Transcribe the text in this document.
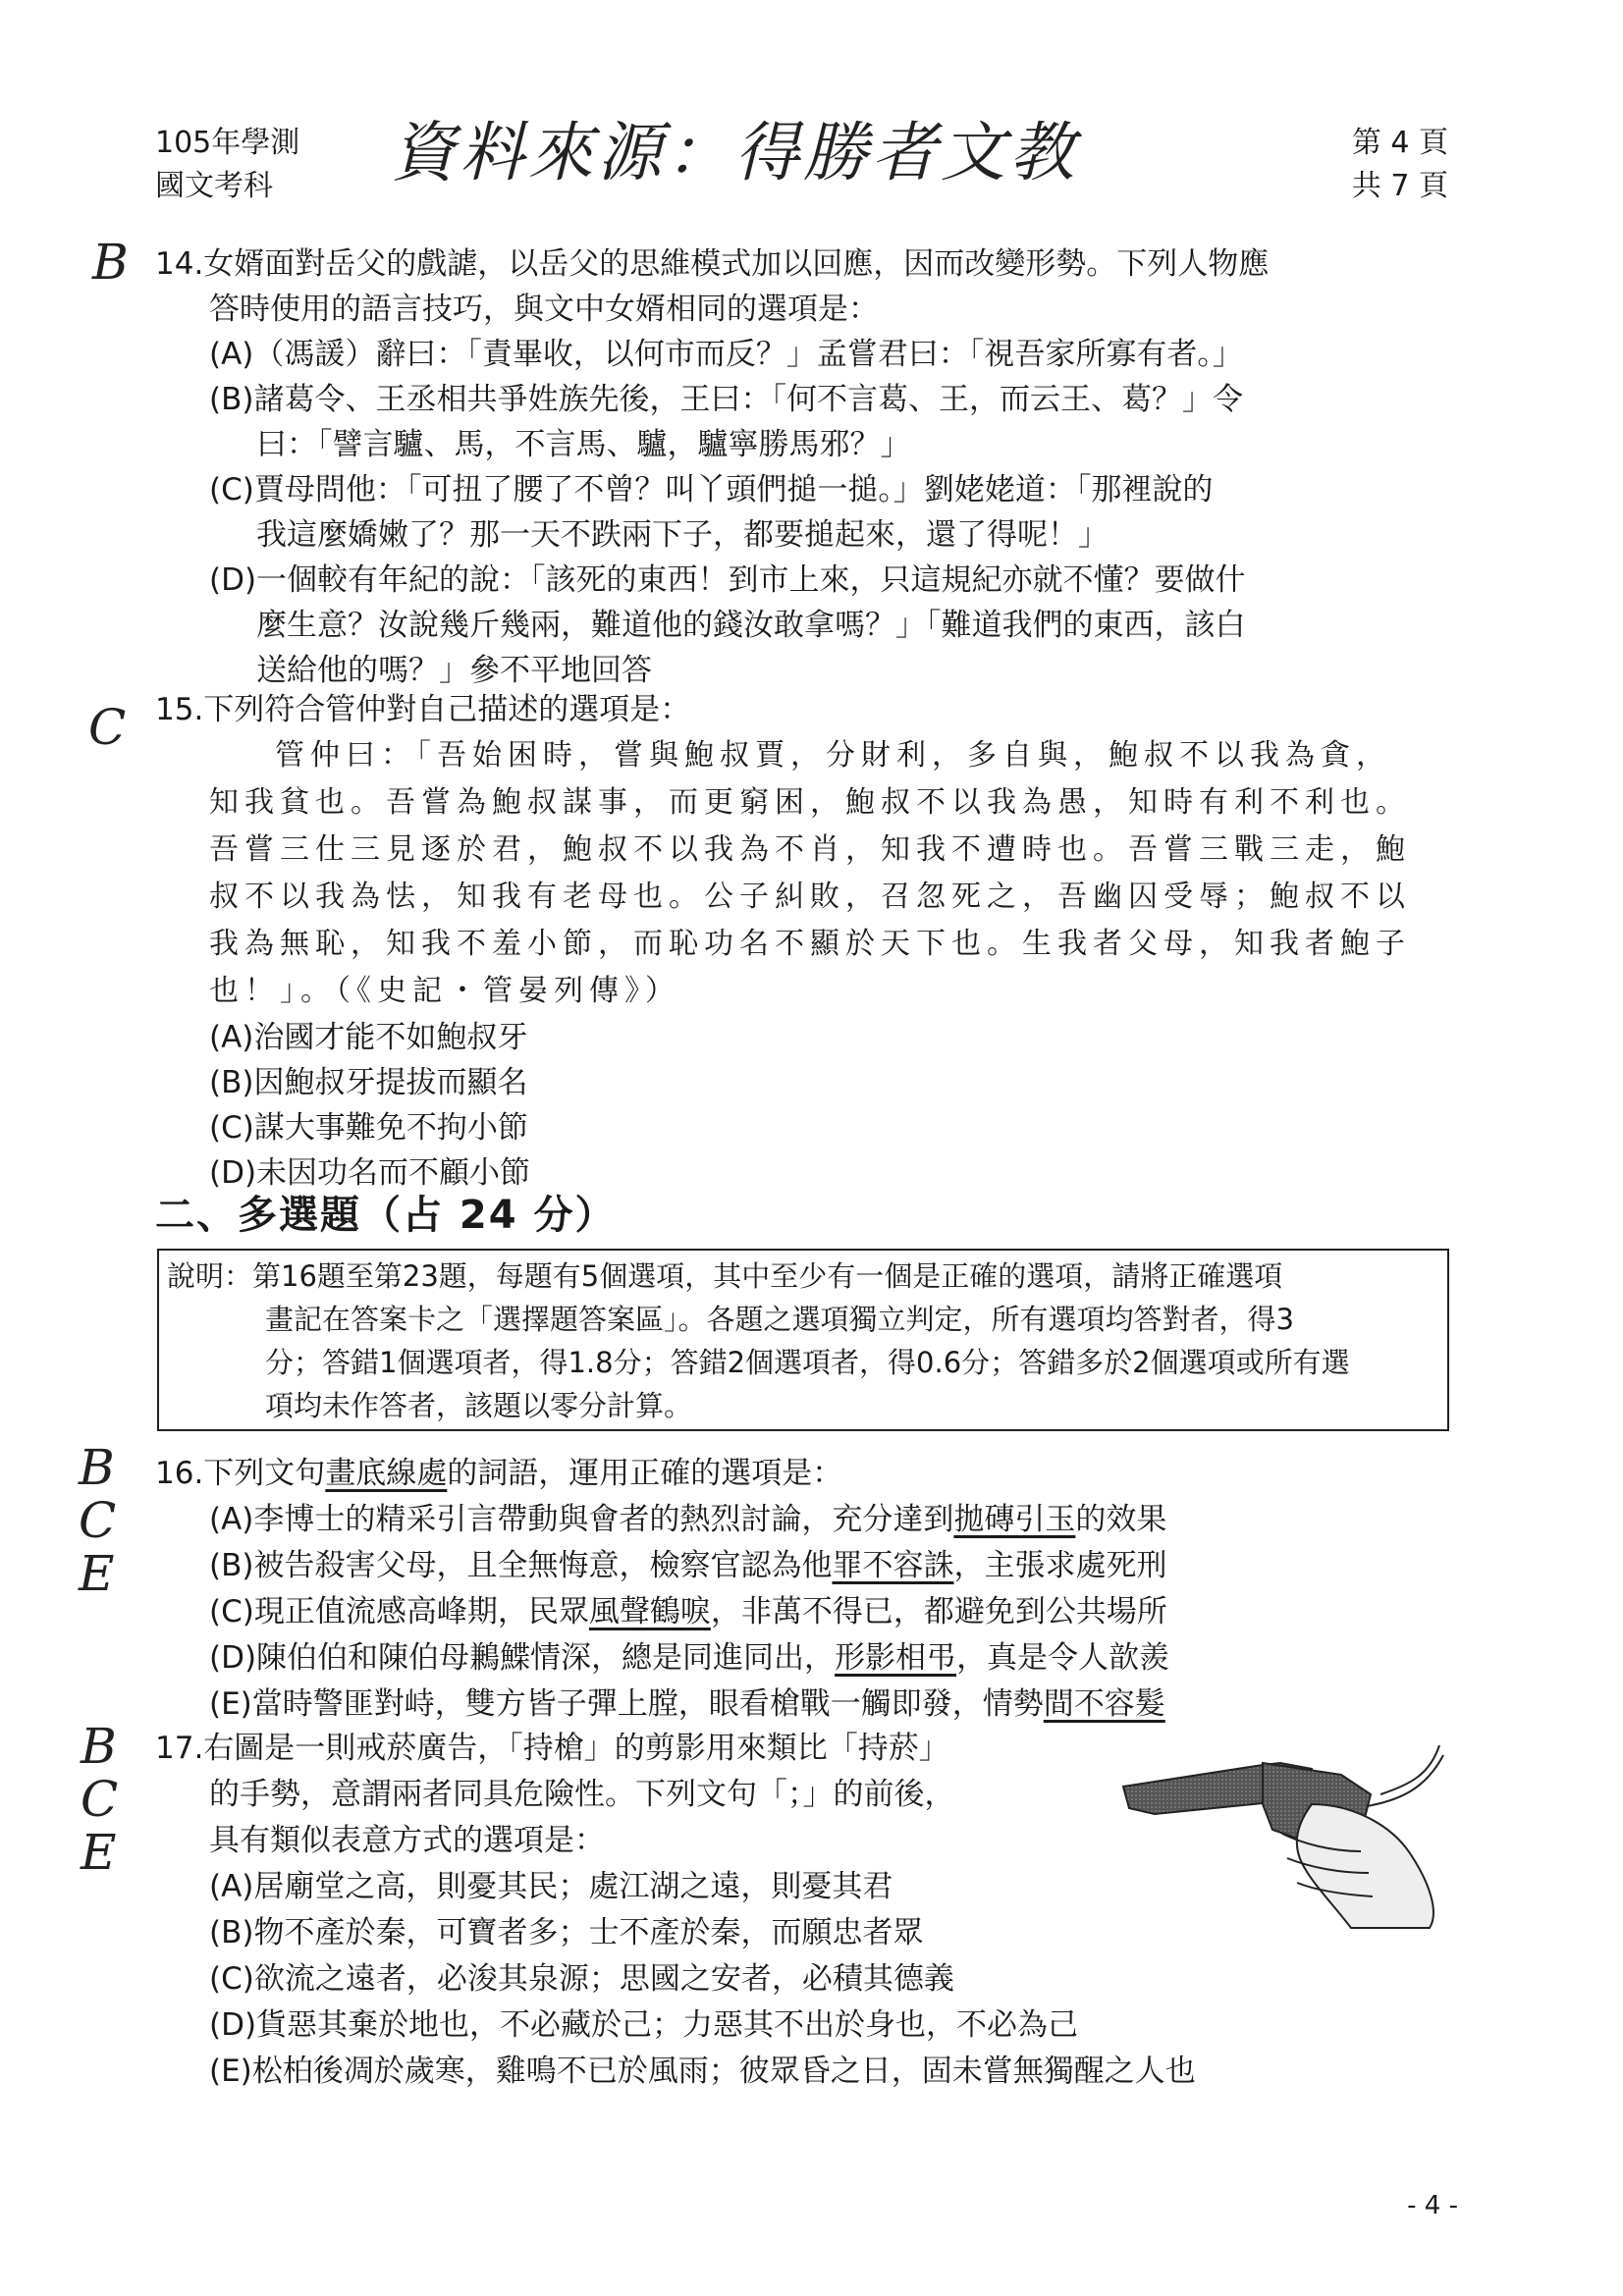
105年學測
國文考科	資料來源：得勝者文教	第 4 頁
共 7 頁
B 14.女婿面對岳父的戲謔，以岳父的思維模式加以回應，因而改變形勢。下列人物應
答時使用的語言技巧，與文中女婿相同的選項是：
(A)（馮諼）辭曰：「責畢收，以何市而反？」孟嘗君曰：「視吾家所寡有者。」
(B)諸葛令、王丞相共爭姓族先後，王曰：「何不言葛、王，而云王、葛？」令
曰：「譬言驢、馬，不言馬、驢，驢寧勝馬邪？」
(C)賈母問他：「可扭了腰了不曾？叫丫頭們搥一搥。」劉姥姥道：「那裡說的
我這麼嬌嫩了？那一天不跌兩下子，都要搥起來，還了得呢！」
(D)一個較有年紀的說：「該死的東西！到市上來，只這規紀亦就不懂？要做什
麼生意？汝說幾斤幾兩，難道他的錢汝敢拿嗎？」「難道我們的東西，該白
送給他的嗎？」參不平地回答
C 15.下列符合管仲對自己描述的選項是：
管仲曰：「吾始困時，嘗與鮑叔賈，分財利，多自與，鮑叔不以我為貪，
知我貧也。吾嘗為鮑叔謀事，而更窮困，鮑叔不以我為愚，知時有利不利也。
吾嘗三仕三見逐於君，鮑叔不以我為不肖，知我不遭時也。吾嘗三戰三走，鮑
叔不以我為怯，知我有老母也。公子糾敗，召忽死之，吾幽囚受辱；鮑叔不以
我為無恥，知我不羞小節，而恥功名不顯於天下也。生我者父母，知我者鮑子
也！」。（《史記・管晏列傳》）
(A)治國才能不如鮑叔牙
(B)因鮑叔牙提拔而顯名
(C)謀大事難免不拘小節
(D)未因功名而不顧小節
二、多選題（占 24 分）
說明：第16題至第23題，每題有5個選項，其中至少有一個是正確的選項，請將正確選項
畫記在答案卡之「選擇題答案區」。各題之選項獨立判定，所有選項均答對者，得3
分；答錯1個選項者，得1.8分；答錯2個選項者，得0.6分；答錯多於2個選項或所有選
項均未作答者，該題以零分計算。
B
C
E
16.下列文句畫底線處的詞語，運用正確的選項是：
(A)李博士的精采引言帶動與會者的熱烈討論，充分達到拋磚引玉的效果
(B)被告殺害父母，且全無悔意，檢察官認為他罪不容誅，主張求處死刑
(C)現正值流感高峰期，民眾風聲鶴唳，非萬不得已，都避免到公共場所
(D)陳伯伯和陳伯母鶼鰈情深，總是同進同出，形影相弔，真是令人歆羨
(E)當時警匪對峙，雙方皆子彈上膛，眼看槍戰一觸即發，情勢間不容髮
B
C
E
17.右圖是一則戒菸廣告，「持槍」的剪影用來類比「持菸」
的手勢，意謂兩者同具危險性。下列文句「；」的前後，
具有類似表意方式的選項是：
(A)居廟堂之高，則憂其民；處江湖之遠，則憂其君
(B)物不產於秦，可寶者多；士不產於秦，而願忠者眾
(C)欲流之遠者，必浚其泉源；思國之安者，必積其德義
(D)貨惡其棄於地也，不必藏於己；力惡其不出於身也，不必為己
(E)松柏後凋於歲寒，雞鳴不已於風雨；彼眾昏之日，固未嘗無獨醒之人也
- 4 -
